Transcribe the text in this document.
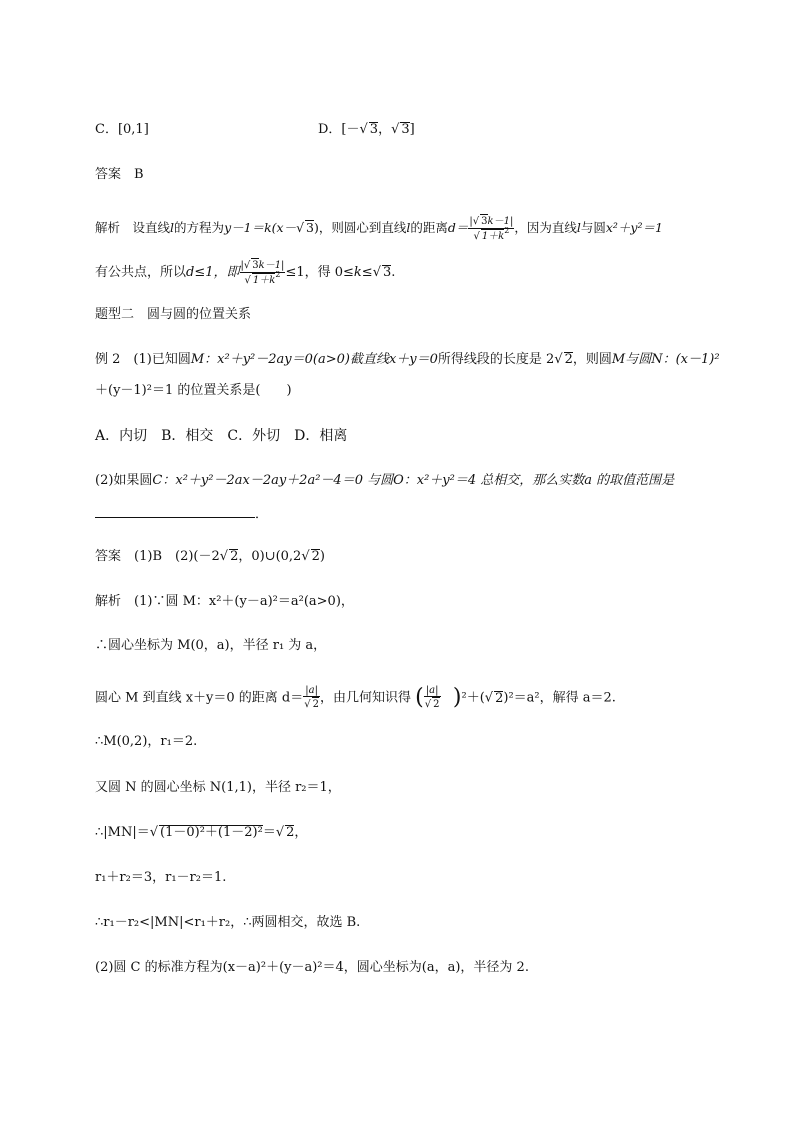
C．[0,1]	D．[－√ 3，√ 3]
答案　 B
解析　 设直线l的方程为y－1＝k(x－√ 3)，则圆心到直线l的距离$d= \frac{|√ 3k-1|}{√ 1+k^2}$ ，因为直线l与圆x²＋y²＝1
有公共点，所以d≤1，即 $\frac{|√ 3k-1|}{√ 1+k^2} \le 1$，得 0≤k≤√ 3.
题型二　圆与圆的位置关系
例 2　 (1)已知圆M：x²＋y²－2ay＝0(a>0)截直线x＋y＝0所得线段的长度是 2√ 2，则圆M与圆N：(x－1)²
＋(y－1)²＝1 的位置关系是(　　)
A．内切　B．相交　C．外切　D．相离
(2)如果圆C：x²＋y²－2ax－2ay＋2a²－4＝0 与圆O：x²＋y²＝4 总相交，那么实数a 的取值范围是
．
答案　 (1)B　(2)(－2√ 2，0)∪(0,2√ 2)
解析　 (1)∵圆 M：x²＋(y－a)²＝a²(a>0)，
∴圆心坐标为 M(0，a)，半径 r₁ 为 a，
圆心 M 到直线 x＋y＝0 的距离 $d= \frac{|a|}{√ 2}$ ，由几何知识得 ( $\frac{|a|}{√ 2} )^2+(√$ 2)²＝a²，解得 a＝2.
∴M(0,2)，r₁＝2.
又圆 N 的圆心坐标 N(1,1)，半径 r₂＝1，
∴|MN|＝√ (1－0)²＋(1－2)²＝√ 2，
r₁＋r₂＝3，r₁－r₂＝1.
∴r₁－r₂<|MN|<r₁＋r₂，∴两圆相交，故选 B.
(2)圆 C 的标准方程为(x－a)²＋(y－a)²＝4，圆心坐标为(a，a)，半径为 2.
